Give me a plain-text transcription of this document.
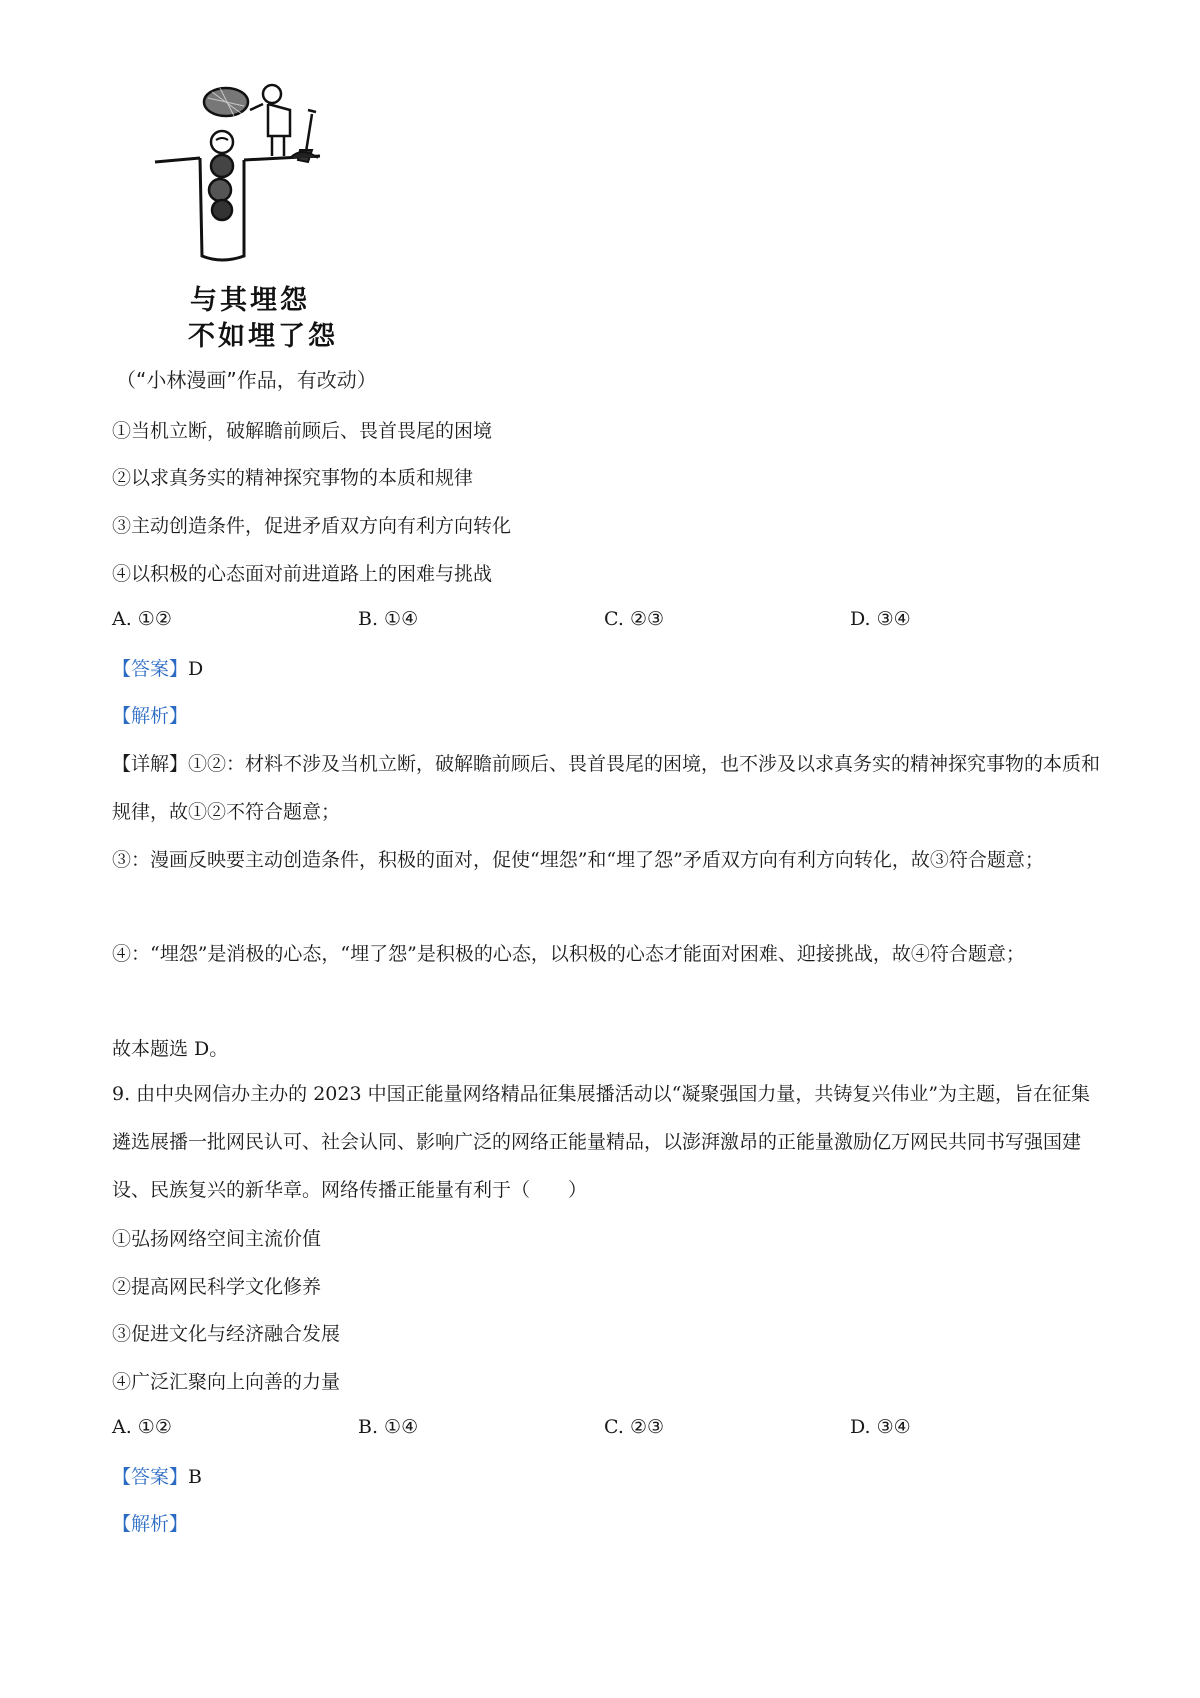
与其埋怨
不如埋了怨
（“小林漫画”作品，有改动）
①当机立断，破解瞻前顾后、畏首畏尾的困境
②以求真务实的精神探究事物的本质和规律
③主动创造条件，促进矛盾双方向有利方向转化
④以积极的心态面对前进道路上的困难与挑战
A. ①②	B. ①④	C. ②③	D. ③④
【答案】D
【解析】
【详解】①②：材料不涉及当机立断，破解瞻前顾后、畏首畏尾的困境，也不涉及以求真务实的精神探究事物的本质和规律，故①②不符合题意；
③：漫画反映要主动创造条件，积极的面对，促使“埋怨”和“埋了怨”矛盾双方向有利方向转化，故③符合题意；
④：“埋怨”是消极的心态，“埋了怨”是积极的心态，以积极的心态才能面对困难、迎接挑战，故④符合题意；
故本题选 D。
9. 由中央网信办主办的 2023 中国正能量网络精品征集展播活动以“凝聚强国力量，共铸复兴伟业”为主题，旨在征集遴选展播一批网民认可、社会认同、影响广泛的网络正能量精品，以澎湃激昂的正能量激励亿万网民共同书写强国建设、民族复兴的新华章。网络传播正能量有利于（　　）
①弘扬网络空间主流价值
②提高网民科学文化修养
③促进文化与经济融合发展
④广泛汇聚向上向善的力量
A. ①②	B. ①④	C. ②③	D. ③④
【答案】B
【解析】
